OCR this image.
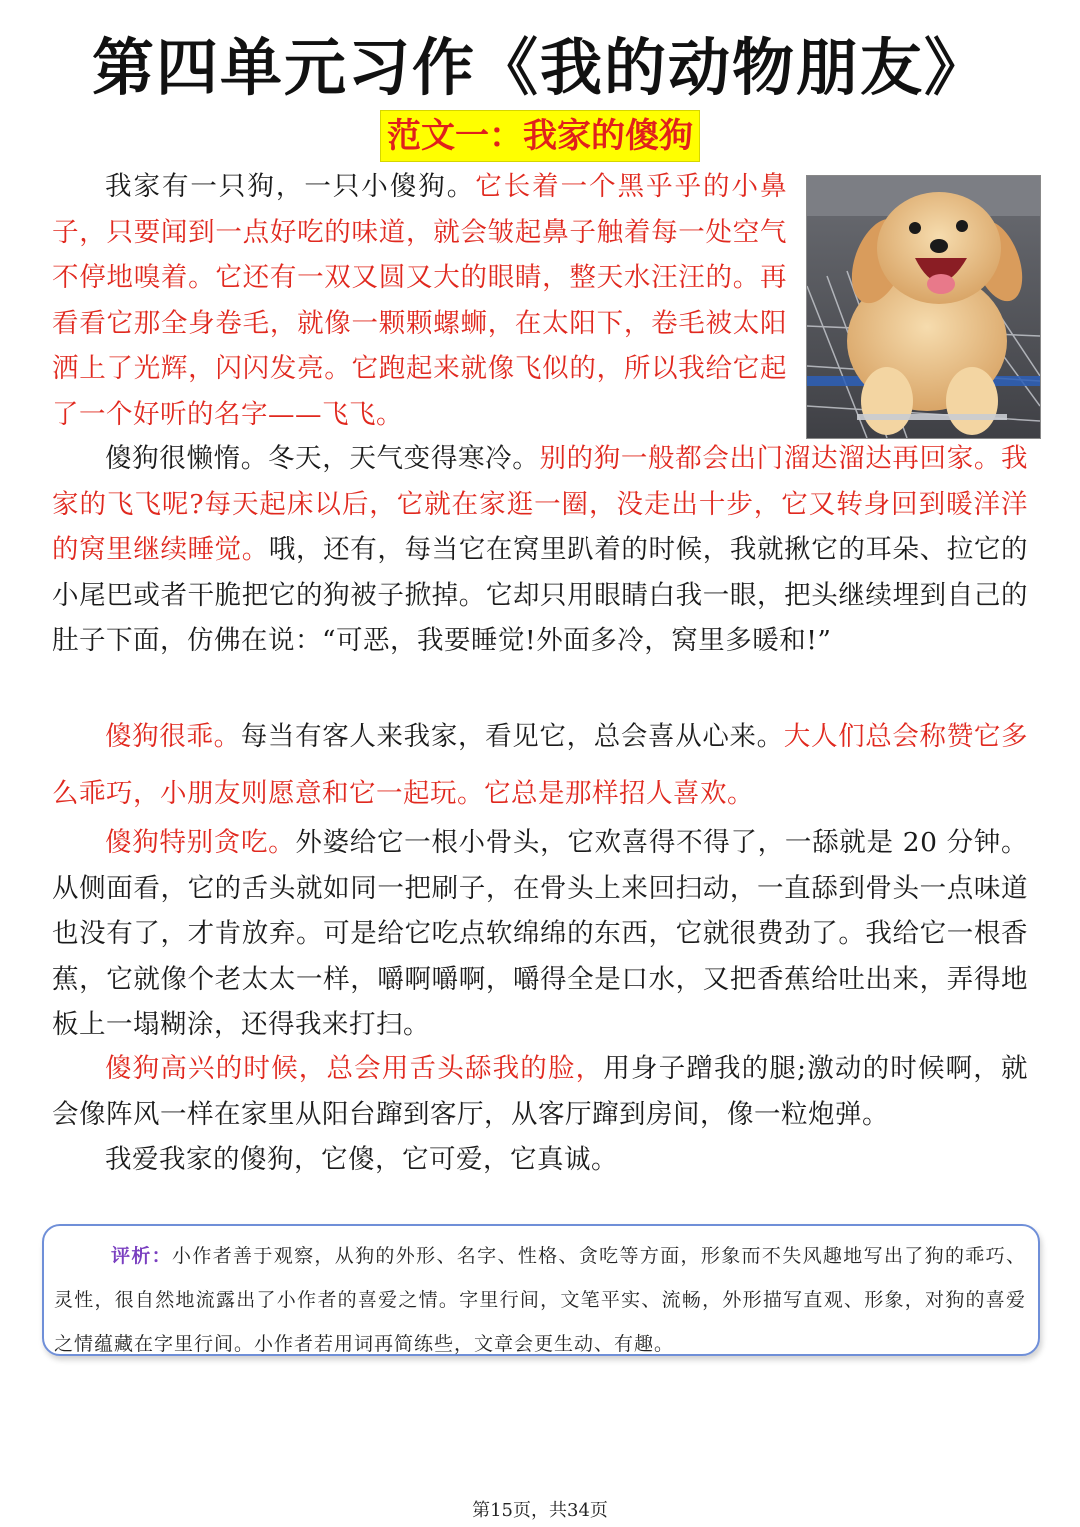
第四单元习作《我的动物朋友》
范文一：我家的傻狗

我家有一只狗，一只小傻狗。它长着一个黑乎乎的小鼻子，只要闻到一点好吃的味道，就会皱起鼻子触着每一处空气不停地嗅着。它还有一双又圆又大的眼睛，整天水汪汪的。再看看它那全身卷毛，就像一颗颗螺蛳，在太阳下，卷毛被太阳洒上了光辉，闪闪发亮。它跑起来就像飞似的，所以我给它起了一个好听的名字——飞飞。

傻狗很懒惰。冬天，天气变得寒冷。别的狗一般都会出门溜达溜达再回家。我家的飞飞呢?每天起床以后，它就在家逛一圈，没走出十步，它又转身回到暖洋洋的窝里继续睡觉。哦，还有，每当它在窝里趴着的时候，我就揪它的耳朵、拉它的小尾巴或者干脆把它的狗被子掀掉。它却只用眼睛白我一眼，把头继续埋到自己的肚子下面，仿佛在说：“可恶，我要睡觉!外面多冷，窝里多暖和!”

傻狗很乖。每当有客人来我家，看见它，总会喜从心来。大人们总会称赞它多么乖巧，小朋友则愿意和它一起玩。它总是那样招人喜欢。

傻狗特别贪吃。外婆给它一根小骨头，它欢喜得不得了，一舔就是 20 分钟。从侧面看，它的舌头就如同一把刷子，在骨头上来回扫动，一直舔到骨头一点味道也没有了，才肯放弃。可是给它吃点软绵绵的东西，它就很费劲了。我给它一根香蕉，它就像个老太太一样，嚼啊嚼啊，嚼得全是口水，又把香蕉给吐出来，弄得地板上一塌糊涂，还得我来打扫。

傻狗高兴的时候，总会用舌头舔我的脸，用身子蹭我的腿;激动的时候啊，就会像阵风一样在家里从阳台蹿到客厅，从客厅蹿到房间，像一粒炮弹。

我爱我家的傻狗，它傻，它可爱，它真诚。

评析：小作者善于观察，从狗的外形、名字、性格、贪吃等方面，形象而不失风趣地写出了狗的乖巧、灵性，很自然地流露出了小作者的喜爱之情。字里行间，文笔平实、流畅，外形描写直观、形象，对狗的喜爱之情蕴藏在字里行间。小作者若用词再简练些，文章会更生动、有趣。

第15页，共34页
